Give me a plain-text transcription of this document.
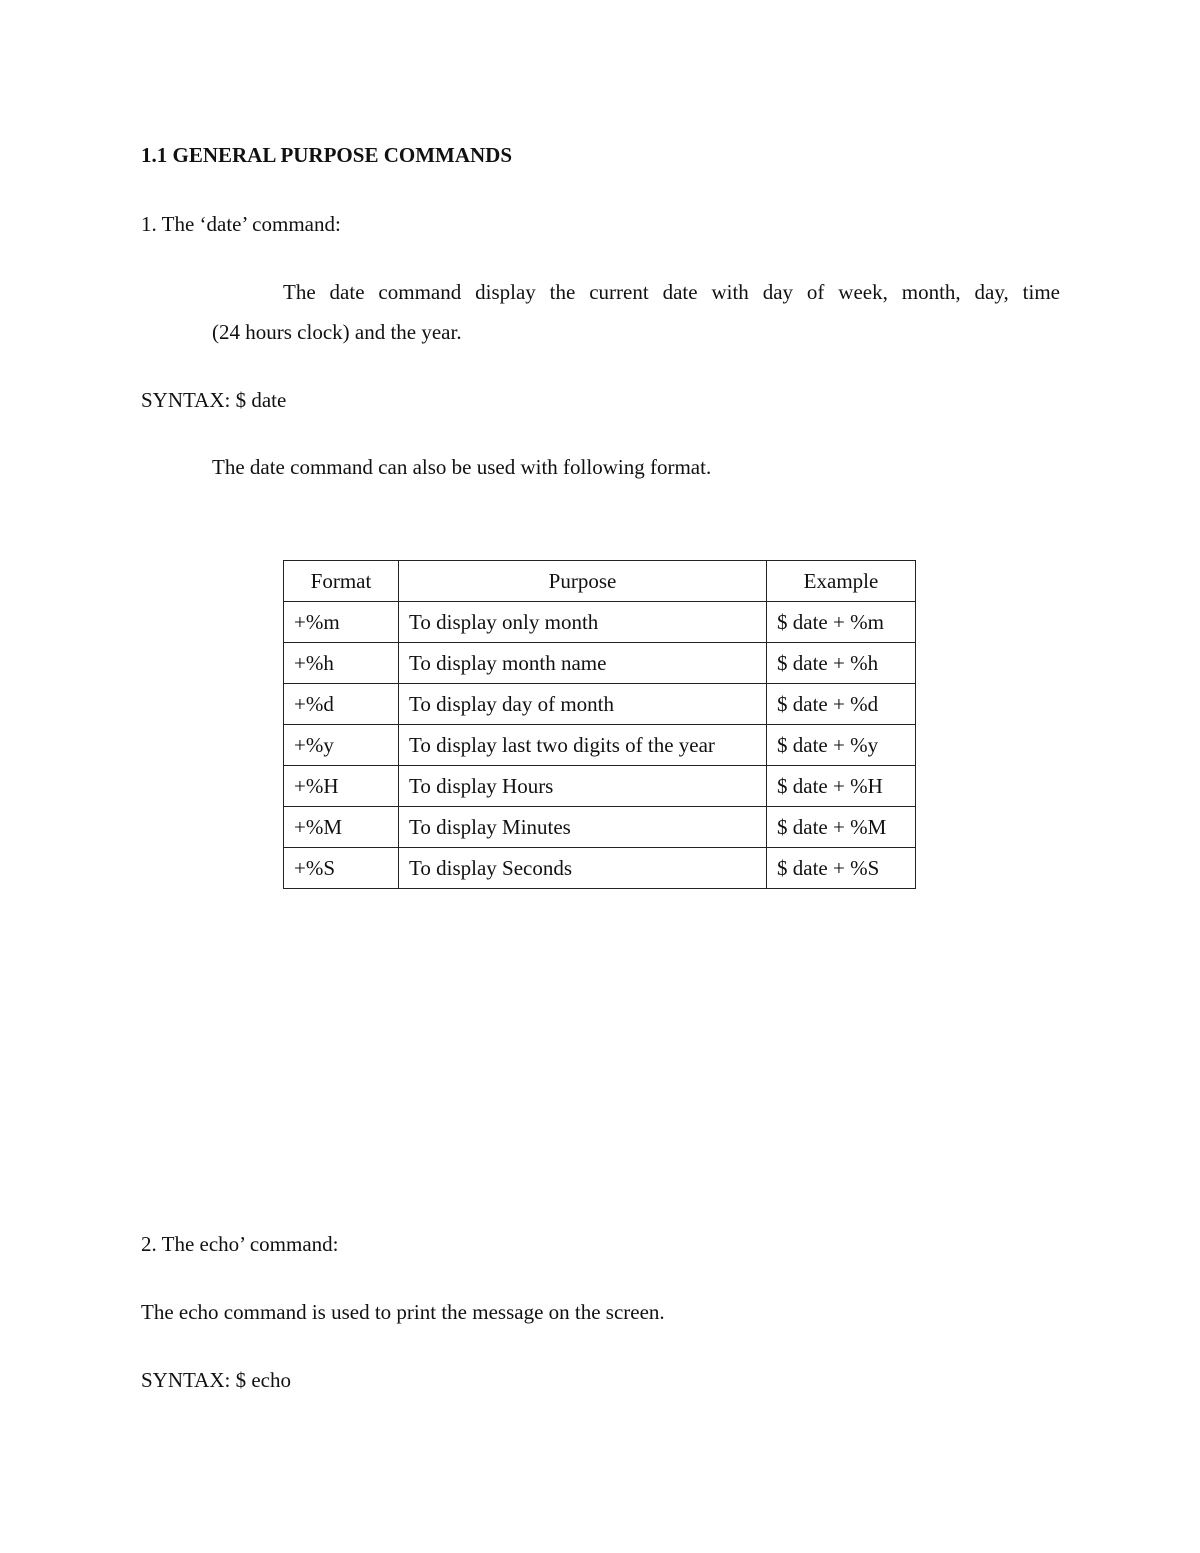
1.1 GENERAL PURPOSE COMMANDS
1. The ‘date’ command:
The date command display the current date with day of week, month, day, time
(24 hours clock) and the year.
SYNTAX: $ date
The date command can also be used with following format.
Format	Purpose	Example
+%m	To display only month	$ date + %m
+%h	To display month name	$ date + %h
+%d	To display day of month	$ date + %d
+%y	To display last two digits of the year	$ date + %y
+%H	To display Hours	$ date + %H
+%M	To display Minutes	$ date + %M
+%S	To display Seconds	$ date + %S
2. The echo’ command:
The echo command is used to print the message on the screen.
SYNTAX: $ echo
